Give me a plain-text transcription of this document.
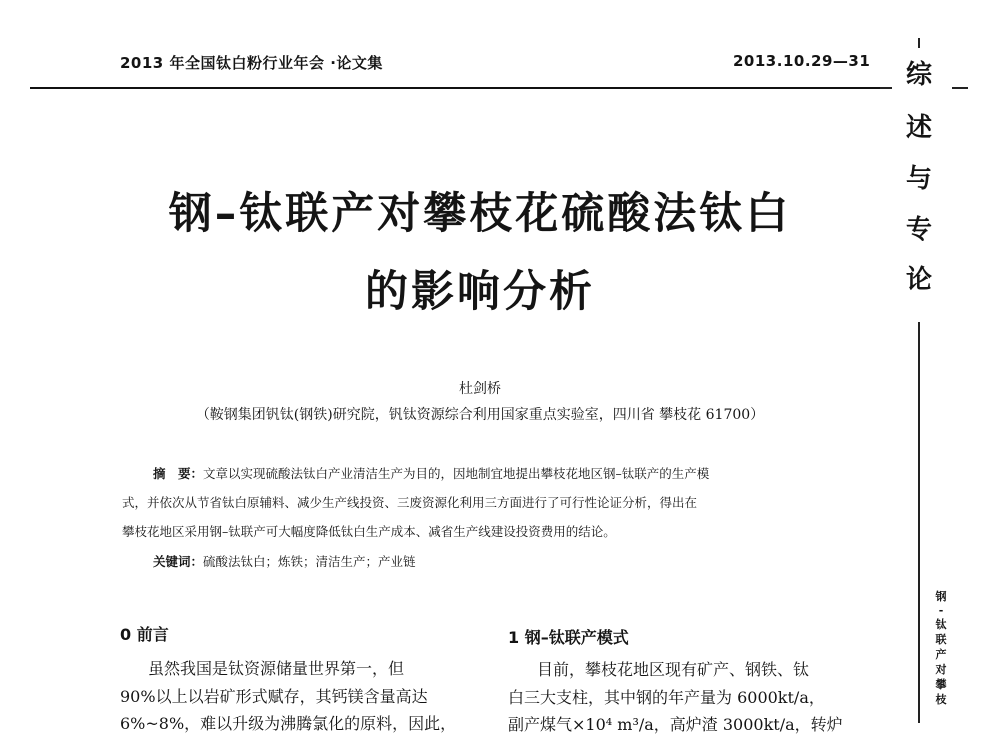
2013 年全国钛白粉行业年会 ·论文集	2013.10.29—31	综
述
与
专
论
钢
-
钛
联
产
对
攀
枝
钢–钛联产对攀枝花硫酸法钛白
的影响分析
杜剑桥
（鞍钢集团钒钛(钢铁)研究院，钒钛资源综合利用国家重点实验室，四川省 攀枝花 61700）
摘　要：文章以实现硫酸法钛白产业清洁生产为目的，因地制宜地提出攀枝花地区钢–钛联产的生产模
式，并依次从节省钛白原辅料、减少生产线投资、三废资源化利用三方面进行了可行性论证分析，得出在
攀枝花地区采用钢–钛联产可大幅度降低钛白生产成本、减省生产线建设投资费用的结论。
关键词：硫酸法钛白；炼铁；清洁生产；产业链
0 前言
虽然我国是钛资源储量世界第一，但
90%以上以岩矿形式赋存，其钙镁含量高达
6%~8%，难以升级为沸腾氯化的原料，因此，
1 钢–钛联产模式
目前，攀枝花地区现有矿产、钢铁、钛
白三大支柱，其中钢的年产量为 6000kt/a，
副产煤气×10⁴ m³/a，高炉渣 3000kt/a，转炉
